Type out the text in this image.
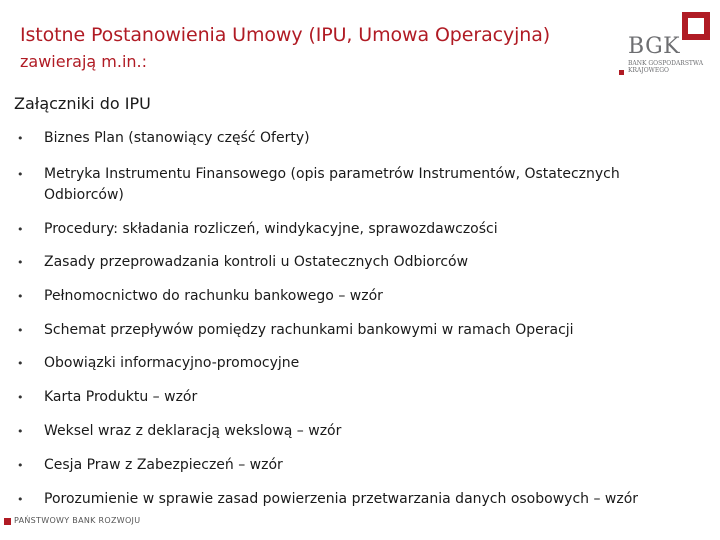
Istotne Postanowienia Umowy (IPU, Umowa Operacyjna)
zawierają m.in.:
BGK
BANK GOSPODARSTWA KRAJOWEGO
Załączniki do IPU
• Biznes Plan (stanowiący część Oferty)
• Metryka Instrumentu Finansowego (opis parametrów Instrumentów, Ostatecznych Odbiorców)
• Procedury: składania rozliczeń, windykacyjne, sprawozdawczości
• Zasady przeprowadzania kontroli u Ostatecznych Odbiorców
• Pełnomocnictwo do rachunku bankowego – wzór
• Schemat przepływów pomiędzy rachunkami bankowymi w ramach Operacji
• Obowiązki informacyjno-promocyjne
• Karta Produktu – wzór
• Weksel wraz z deklaracją wekslową – wzór
• Cesja Praw z Zabezpieczeń – wzór
• Porozumienie w sprawie zasad powierzenia przetwarzania danych osobowych – wzór
PAŃSTWOWY BANK ROZWOJU
